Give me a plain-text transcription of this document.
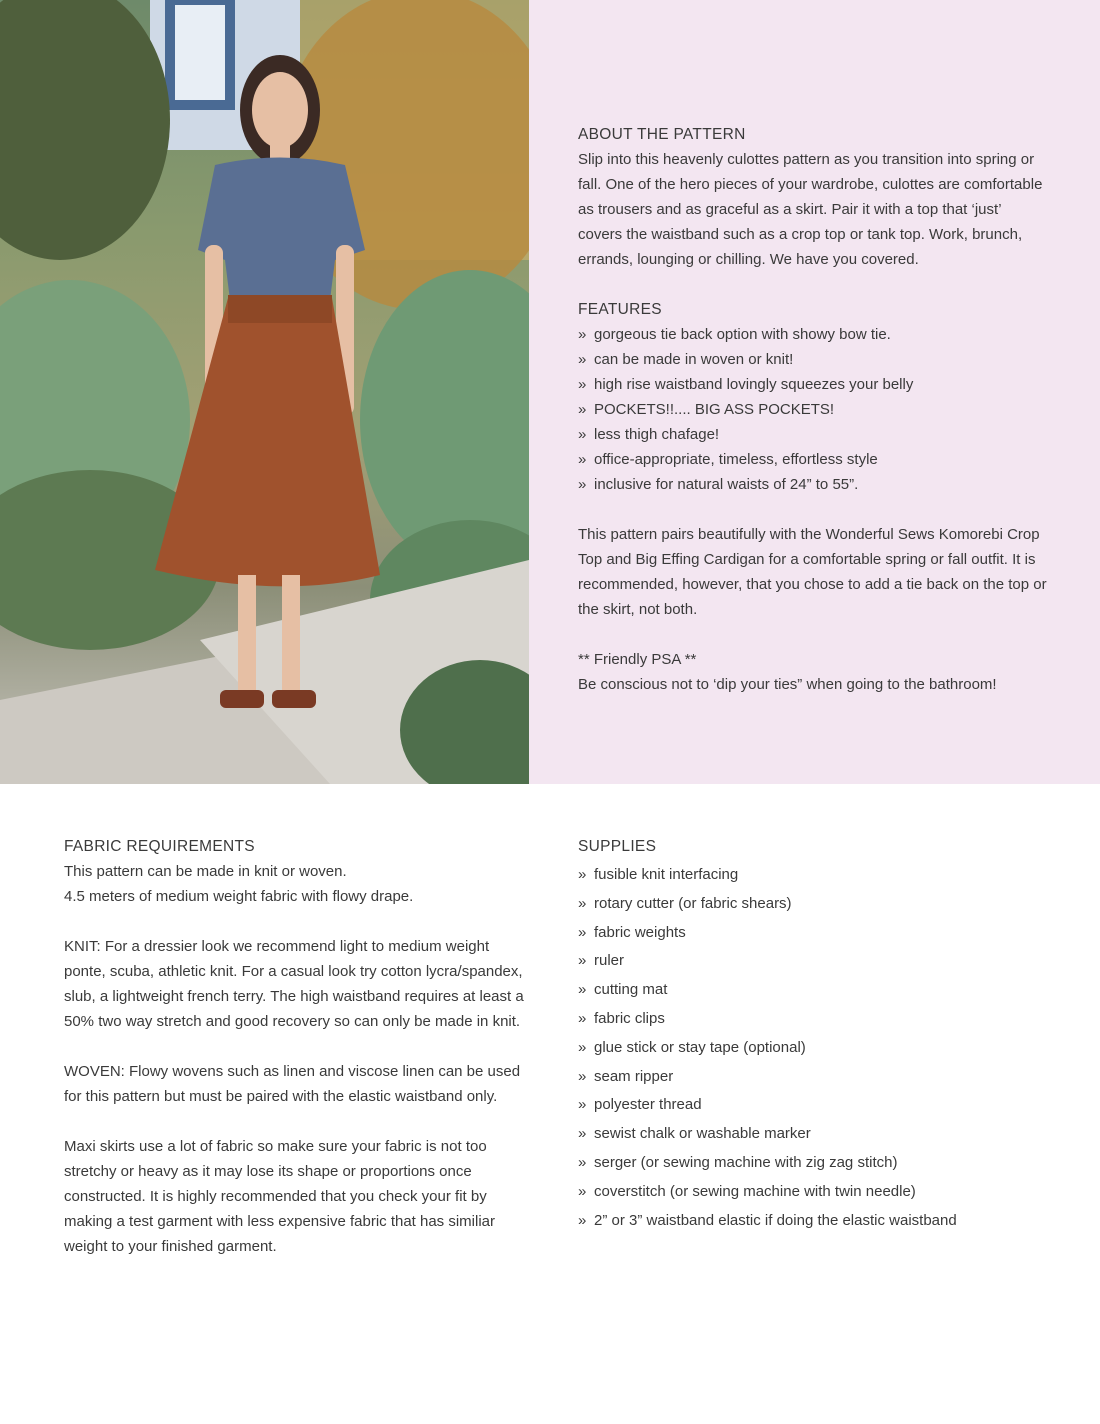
ABOUT THE PATTERN

Slip into this heavenly culottes pattern as you transition into spring or fall. One of the hero pieces of your wardrobe, culottes are comfortable as trousers and as graceful as a skirt. Pair it with a top that ‘just’ covers the waistband such as a crop top or tank top. Work, brunch, errands, lounging or chilling. We have you covered.

FEATURES
» gorgeous tie back option with showy bow tie.
» can be made in woven or knit!
» high rise waistband lovingly squeezes your belly
» POCKETS!!.... BIG ASS POCKETS!
» less thigh chafage!
» office-appropriate, timeless, effortless style
» inclusive for natural waists of 24” to 55”.

This pattern pairs beautifully with the Wonderful Sews Komorebi Crop Top and Big Effing Cardigan for a comfortable spring or fall outfit. It is recommended, however, that you chose to add a tie back on the top or the skirt, not both.

** Friendly PSA **

Be conscious not to ‘dip your ties” when going to the bathroom!

FABRIC REQUIREMENTS

This pattern can be made in knit or woven.

4.5 meters of medium weight fabric with flowy drape.

KNIT: For a dressier look we recommend light to medium weight ponte, scuba, athletic knit. For a casual look try cotton lycra/spandex, slub, a lightweight french terry. The high waistband requires at least a 50% two way stretch and good recovery so can only be made in knit.

WOVEN: Flowy wovens such as linen and viscose linen can be used for this pattern but must be paired with the elastic waistband only.

Maxi skirts use a lot of fabric so make sure your fabric is not too stretchy or heavy as it may lose its shape or proportions once constructed. It is highly recommended that you check your fit by making a test garment with less expensive fabric that has similiar weight to your finished garment.

SUPPLIES
» fusible knit interfacing
» rotary cutter (or fabric shears)
» fabric weights
» ruler
» cutting mat
» fabric clips
» glue stick or stay tape (optional)
» seam ripper
» polyester thread
» sewist chalk or washable marker
» serger (or sewing machine with zig zag stitch)
» coverstitch (or sewing machine with twin needle)
» 2” or 3” waistband elastic if doing the elastic waistband
